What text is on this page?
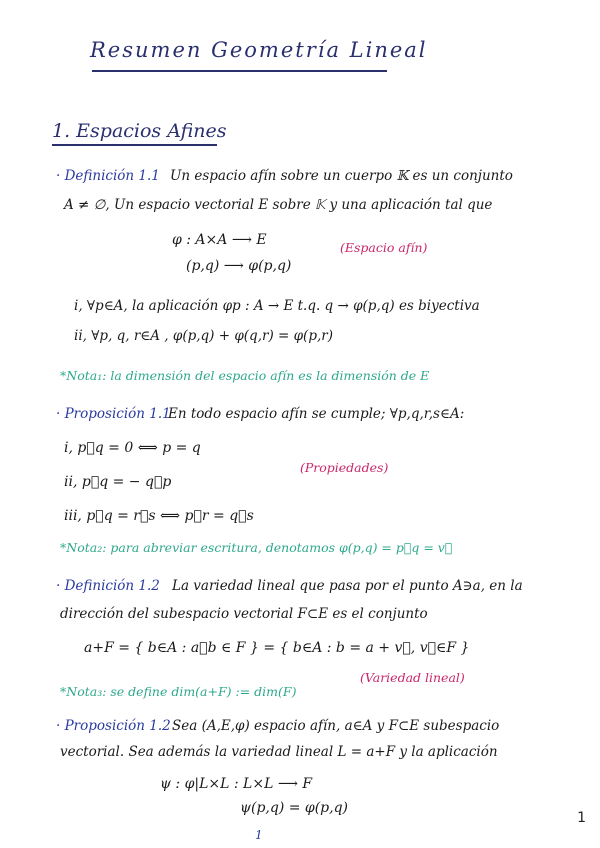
Resumen Geometría Lineal
1. Espacios Afines
· Definición 1.1 Un espacio afín sobre un cuerpo 𝕂 es un conjunto
A ≠ ∅, Un espacio vectorial E sobre 𝕂 y una aplicación tal que
φ : A×A ⟶ E
(p,q) ⟶ φ(p,q)
(Espacio afín)
i, ∀p∈A, la aplicación φp : A → E t.q. q → φ(p,q) es biyectiva
ii, ∀p, q, r∈A , φ(p,q) + φ(q,r) = φ(p,r)
*Nota₁: la dimensión del espacio afín es la dimensión de E
· Proposición 1.1
En todo espacio afín se cumple; ∀p,q,r,s∈A:
i, p⃗q = 0 ⟺ p = q
ii, p⃗q = − q⃗p
iii, p⃗q = r⃗s ⟺ p⃗r = q⃗s
(Propiedades)
*Nota₂: para abreviar escritura, denotamos φ(p,q) = p⃗q = v⃗
· Definición 1.2 La variedad lineal que pasa por el punto A∋a, en la
dirección del subespacio vectorial F⊂E es el conjunto
a+F = { b∈A : a⃗b ∈ F } = { b∈A : b = a + v⃗, v⃗∈F }
(Variedad lineal)
*Nota₃: se define dim(a+F) := dim(F)
· Proposición 1.2 Sea (A,E,φ) espacio afín, a∈A y F⊂E subespacio
vectorial. Sea además la variedad lineal L = a+F y la aplicación
ψ : φ|L×L : L×L ⟶ F
ψ(p,q) = φ(p,q)
1
1
